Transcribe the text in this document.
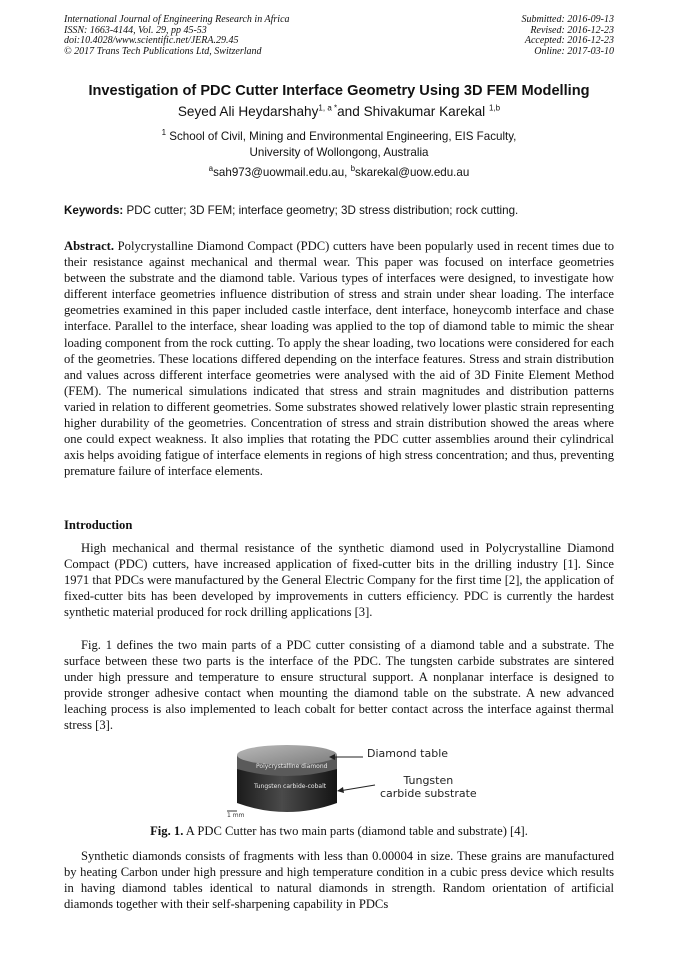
International Journal of Engineering Research in Africa
ISSN: 1663-4144, Vol. 29, pp 45-53
doi:10.4028/www.scientific.net/JERA.29.45
© 2017 Trans Tech Publications Ltd, Switzerland
Submitted: 2016-09-13
Revised: 2016-12-23
Accepted: 2016-12-23
Online: 2017-03-10
Investigation of PDC Cutter Interface Geometry Using 3D FEM Modelling
Seyed Ali Heydarshahy$^{1, a *}$and Shivakumar Karekal $^{1,b}$
$^1$ School of Civil, Mining and Environmental Engineering, EIS Faculty,
University of Wollongong, Australia
$^a$sah973@uowmail.edu.au, $^b$skarekal@uow.edu.au
Keywords: PDC cutter; 3D FEM; interface geometry; 3D stress distribution; rock cutting.

Abstract. Polycrystalline Diamond Compact (PDC) cutters have been popularly used in recent times due to their resistance against mechanical and thermal wear. This paper was focused on interface geometries between the substrate and the diamond table. Various types of interfaces were designed, to investigate how different interface geometries influence distribution of stress and strain under shear loading. The interface geometries examined in this paper included castle interface, dent interface, honeycomb interface and chase interface. Parallel to the interface, shear loading was applied to the top of diamond table to mimic the shear loading component from the rock cutting. To apply the shear loading, two locations were considered for each of the geometries. These locations differed depending on the interface features. Stress and strain distribution and values across different interface geometries were analysed with the aid of 3D Finite Element Method (FEM). The numerical simulations indicated that stress and strain magnitudes and distribution patterns varied in relation to different geometries. Some substrates showed relatively lower plastic strain representing higher durability of the geometries. Concentration of stress and strain distribution showed the areas where one could expect weakness. It also implies that rotating the PDC cutter assemblies around their cylindrical axis helps avoiding fatigue of interface elements in regions of high stress concentration; and thus, preventing premature failure of interface elements.

Introduction

High mechanical and thermal resistance of the synthetic diamond used in Polycrystalline Diamond Compact (PDC) cutters, have increased application of fixed-cutter bits in the drilling industry [1]. Since 1971 that PDCs were manufactured by the General Electric Company for the first time [2], the application of fixed-cutter bits has been developed by improvements in cutters efficiency. PDC is currently the hardest synthetic material produced for rock drilling applications [3].

Fig. 1 defines the two main parts of a PDC cutter consisting of a diamond table and a substrate. The surface between these two parts is the interface of the PDC. The tungsten carbide substrates are sintered under high pressure and temperature to ensure structural support. A nonplanar interface is designed to provide stronger adhesive contact when mounting the diamond table on the substrate. A new advanced leaching process is also implemented to leach cobalt for better contact across the interface against thermal stress [3].

Polycrystalline diamond
Tungsten carbide-cobalt
1 mm
Diamond table
Tungsten
carbide substrate
Fig. 1. A PDC Cutter has two main parts (diamond table and substrate) [4].

Synthetic diamonds consists of fragments with less than 0.00004 in size. These grains are manufactured by heating Carbon under high pressure and high temperature condition in a cubic press device which results in having diamond tables identical to natural diamonds in strength. Random orientation of artificial diamonds together with their self-sharpening capability in PDCs
